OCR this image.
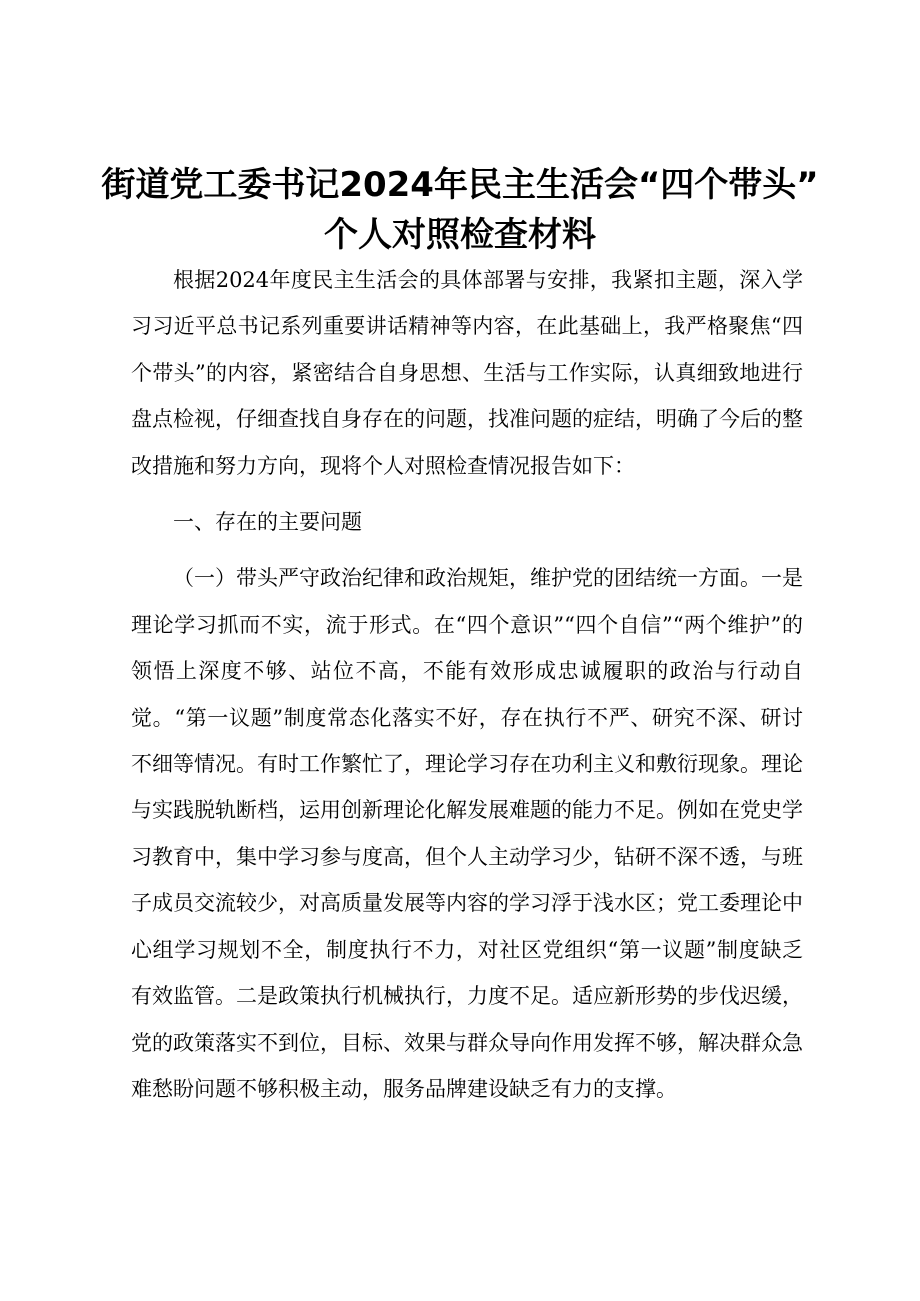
街道党工委书记2024年民主生活会“四个带头”
个人对照检查材料

根据2024年度民主生活会的具体部署与安排，我紧扣主题，深入学习习近平总书记系列重要讲话精神等内容，在此基础上，我严格聚焦“四个带头”的内容，紧密结合自身思想、生活与工作实际，认真细致地进行盘点检视，仔细查找自身存在的问题，找准问题的症结，明确了今后的整改措施和努力方向，现将个人对照检查情况报告如下：

一、存在的主要问题

（一）带头严守政治纪律和政治规矩，维护党的团结统一方面。一是理论学习抓而不实，流于形式。在“四个意识”“四个自信”“两个维护”的领悟上深度不够、站位不高，不能有效形成忠诚履职的政治与行动自觉。“第一议题”制度常态化落实不好，存在执行不严、研究不深、研讨不细等情况。有时工作繁忙了，理论学习存在功利主义和敷衍现象。理论与实践脱轨断档，运用创新理论化解发展难题的能力不足。例如在党史学习教育中，集中学习参与度高，但个人主动学习少，钻研不深不透，与班子成员交流较少，对高质量发展等内容的学习浮于浅水区；党工委理论中心组学习规划不全，制度执行不力，对社区党组织“第一议题”制度缺乏有效监管。二是政策执行机械执行，力度不足。适应新形势的步伐迟缓，党的政策落实不到位，目标、效果与群众导向作用发挥不够，解决群众急难愁盼问题不够积极主动，服务品牌建设缺乏有力的支撑。
